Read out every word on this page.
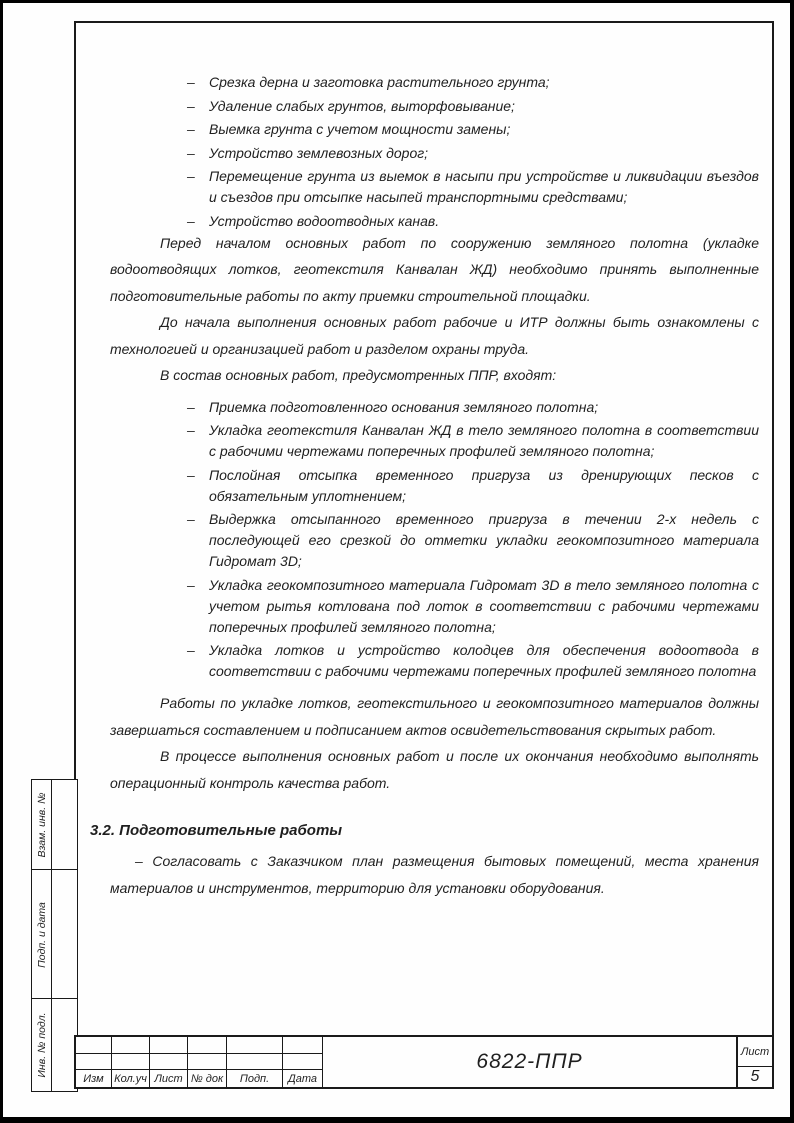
– Срезка дерна и заготовка растительного грунта;
– Удаление слабых грунтов, выторфовывание;
– Выемка грунта с учетом мощности замены;
– Устройство землевозных дорог;
– Перемещение грунта из выемок в насыпи при устройстве и ликвидации въездов и съездов при отсыпке насыпей транспортными средствами;
– Устройство водоотводных канав.

Перед началом основных работ по сооружению земляного полотна (укладке водоотводящих лотков, геотекстиля Канвалан ЖД) необходимо принять выполненные подготовительные работы по акту приемки строительной площадки.

До начала выполнения основных работ рабочие и ИТР должны быть ознакомлены с технологией и организацией работ и разделом охраны труда.

В состав основных работ, предусмотренных ППР, входят:

– Приемка подготовленного основания земляного полотна;
– Укладка геотекстиля Канвалан ЖД в тело земляного полотна в соответствии с рабочими чертежами поперечных профилей земляного полотна;
– Послойная отсыпка временного пригруза из дренирующих песков с обязательным уплотнением;
– Выдержка отсыпанного временного пригруза в течении 2-х недель с последующей его срезкой до отметки укладки геокомпозитного материала Гидромат 3D;
– Укладка геокомпозитного материала Гидромат 3D в тело земляного полотна с учетом рытья котлована под лоток в соответствии с рабочими чертежами поперечных профилей земляного полотна;
– Укладка лотков и устройство колодцев для обеспечения водоотвода в соответствии с рабочими чертежами поперечных профилей земляного полотна

Работы по укладке лотков, геотекстильного и геокомпозитного материалов должны завершаться составлением и подписанием актов освидетельствования скрытых работ.

В процессе выполнения основных работ и после их окончания необходимо выполнять операционный контроль качества работ.

3.2. Подготовительные работы

– Согласовать с Заказчиком план размещения бытовых помещений, места хранения материалов и инструментов, территорию для установки оборудования.

Взам. инв. №
Подп. и дата
Инв. № подл.
Изм Кол.уч Лист № док	Подп.	Дата
6822-ППР	Лист
5
